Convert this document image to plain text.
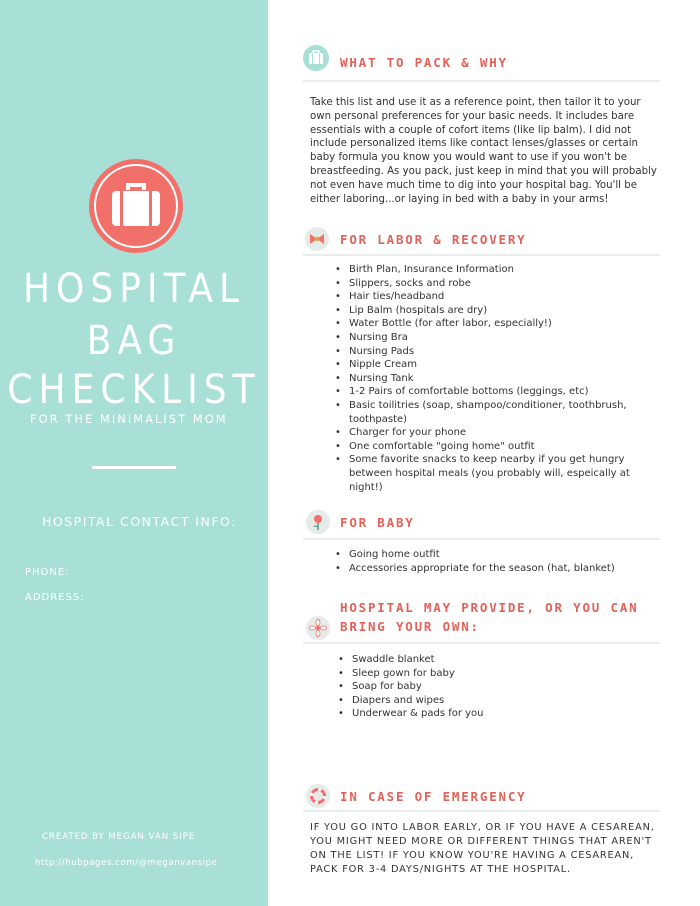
HOSPITAL
BAG
CHECKLIST
FOR THE MINIMALIST MOM
HOSPITAL CONTACT INFO:
PHONE:
ADDRESS:
CREATED BY MEGAN VAN SIPE
http://hubpages.com/@meganvansipe
WHAT TO PACK & WHY
Take this list and use it as a reference point, then tailor it to your own personal preferences for your basic needs. It includes bare essentials with a couple of cofort items (like lip balm). I did not include personalized items like contact lenses/glasses or certain baby formula you know you would want to use if you won't be breastfeeding. As you pack, just keep in mind that you will probably not even have much time to dig into your hospital bag. You'll be either laboring...or laying in bed with a baby in your arms!
FOR LABOR & RECOVERY
• Birth Plan, Insurance Information
• Slippers, socks and robe
• Hair ties/headband
• Lip Balm (hospitals are dry)
• Water Bottle (for after labor, especially!)
• Nursing Bra
• Nursing Pads
• Nipple Cream
• Nursing Tank
• 1-2 Pairs of comfortable bottoms (leggings, etc)
• Basic toilitries (soap, shampoo/conditioner, toothbrush, toothpaste)
• Charger for your phone
• One comfortable "going home" outfit
• Some favorite snacks to keep nearby if you get hungry between hospital meals (you probably will, espeically at night!)
FOR BABY
• Going home outfit
• Accessories appropriate for the season (hat, blanket)
HOSPITAL MAY PROVIDE, OR YOU CAN
BRING YOUR OWN:
• Swaddle blanket
• Sleep gown for baby
• Soap for baby
• Diapers and wipes
• Underwear & pads for you
IN CASE OF EMERGENCY
IF YOU GO INTO LABOR EARLY, OR IF YOU HAVE A CESAREAN, YOU MIGHT NEED MORE OR DIFFERENT THINGS THAT AREN'T ON THE LIST! IF YOU KNOW YOU'RE HAVING A CESAREAN, PACK FOR 3-4 DAYS/NIGHTS AT THE HOSPITAL.
